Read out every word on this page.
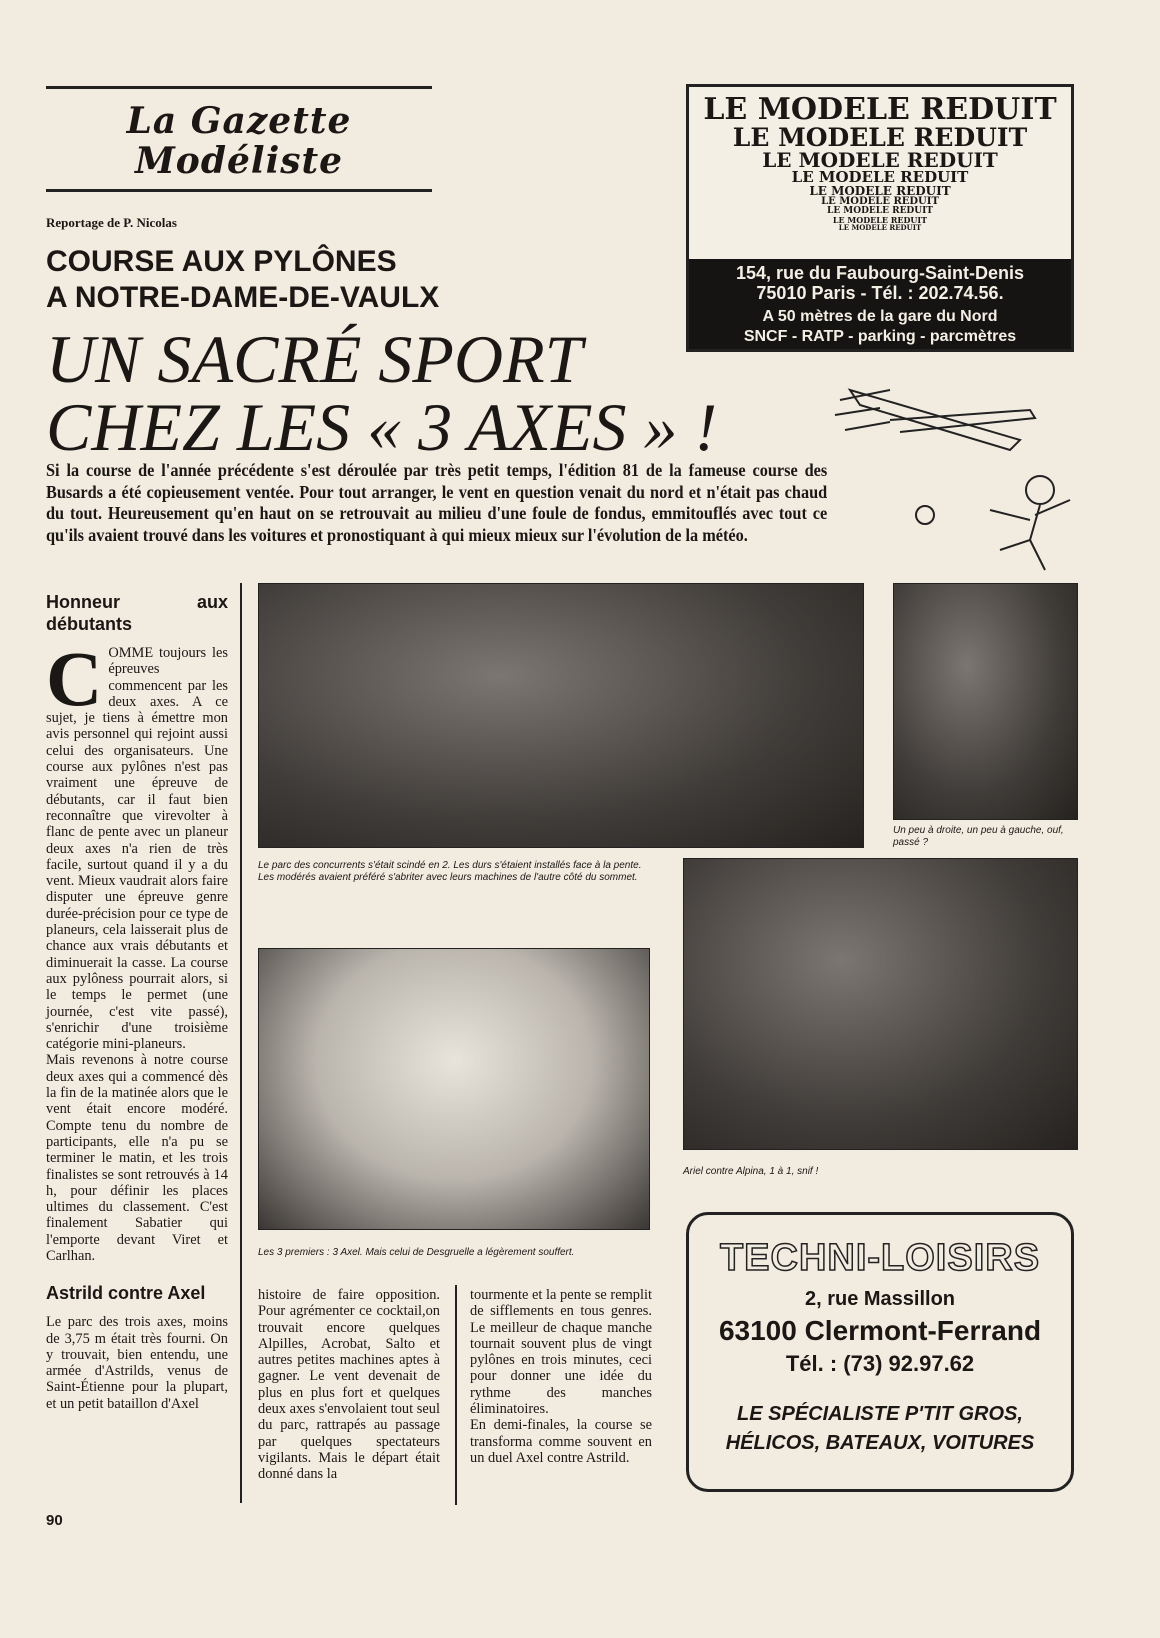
La Gazette
Modéliste
Reportage de P. Nicolas
COURSE AUX PYLÔNES
A NOTRE-DAME-DE-VAULX
UN SACRÉ SPORT
CHEZ LES « 3 AXES » !
LE MODELE REDUIT
LE MODELE REDUIT
LE MODELE REDUIT
LE MODELE REDUIT
LE MODELE REDUIT
LE MODELE REDUIT
LE MODELE REDUIT
LE MODELE REDUIT
LE MODELE REDUIT
154, rue du Faubourg-Saint-Denis
75010 Paris - Tél. : 202.74.56.
A 50 mètres de la gare du Nord
SNCF - RATP - parking - parcmètres
Si la course de l'année précédente s'est déroulée par très petit temps, l'édition 81 de la fameuse course des Busards a été copieusement ventée. Pour tout arranger, le vent en question venait du nord et n'était pas chaud du tout. Heureusement qu'en haut on se retrouvait au milieu d'une foule de fondus, emmitouflés avec tout ce qu'ils avaient trouvé dans les voitures et pronostiquant à qui mieux mieux sur l'évolution de la météo.
Honneur aux débutants

COMME toujours les épreuves commencent par les deux axes. A ce sujet, je tiens à émettre mon avis personnel qui rejoint aussi celui des organisateurs. Une course aux pylônes n'est pas vraiment une épreuve de débutants, car il faut bien reconnaître que virevolter à flanc de pente avec un planeur deux axes n'a rien de très facile, surtout quand il y a du vent. Mieux vaudrait alors faire disputer une épreuve genre durée-précision pour ce type de planeurs, cela laisserait plus de chance aux vrais débutants et diminuerait la casse. La course aux pylôness pourrait alors, si le temps le permet (une journée, c'est vite passé), s'enrichir d'une troisième catégorie mini-planeurs.

Mais revenons à notre course deux axes qui a commencé dès la fin de la matinée alors que le vent était encore modéré. Compte tenu du nombre de participants, elle n'a pu se terminer le matin, et les trois finalistes se sont retrouvés à 14 h, pour définir les places ultimes du classement. C'est finalement Sabatier qui l'emporte devant Viret et Carlhan.

Astrild contre Axel

Le parc des trois axes, moins de 3,75 m était très fourni. On y trouvait, bien entendu, une armée d'Astrilds, venus de Saint-Étienne pour la plupart, et un petit bataillon d'Axel

Le parc des concurrents s'était scindé en 2. Les durs s'étaient installés face à la pente. Les modérés avaient préféré s'abriter avec leurs machines de l'autre côté du sommet.
Un peu à droite, un peu à gauche, ouf, passé ?
Les 3 premiers : 3 Axel. Mais celui de Desgruelle a légèrement souffert.
Ariel contre Alpina, 1 à 1, snif !

histoire de faire opposition. Pour agrémenter ce cocktail,on trouvait encore quelques Alpilles, Acrobat, Salto et autres petites machines aptes à gagner. Le vent devenait de plus en plus fort et quelques deux axes s'envolaient tout seul du parc, rattrapés au passage par quelques spectateurs vigilants. Mais le départ était donné dans la

tourmente et la pente se remplit de sifflements en tous genres. Le meilleur de chaque manche tournait souvent plus de vingt pylônes en trois minutes, ceci pour donner une idée du rythme des manches éliminatoires.

En demi-finales, la course se transforma comme souvent en un duel Axel contre Astrild.

TECHNI-LOISIRS
2, rue Massillon
63100 Clermont-Ferrand
Tél. : (73) 92.97.62
LE SPÉCIALISTE P'TIT GROS,
HÉLICOS, BATEAUX, VOITURES
90
